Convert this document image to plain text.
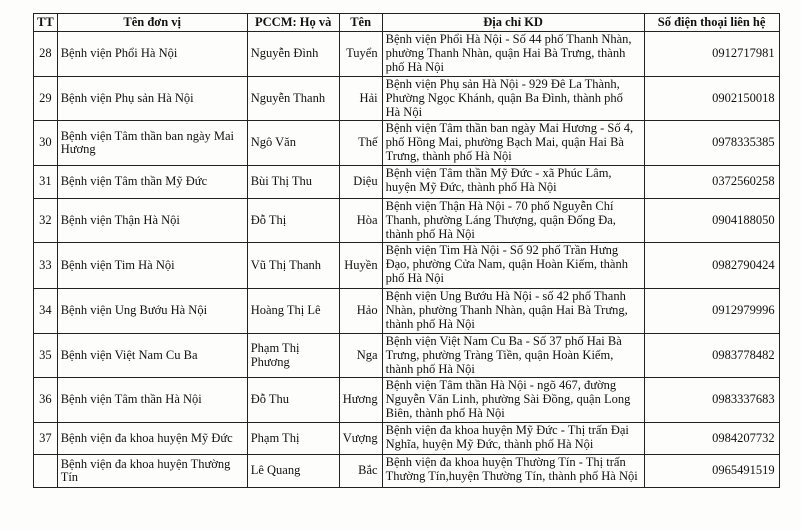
TT	Tên đơn vị	PCCM: Họ và	Tên	Địa chỉ KD	Số điện thoại liên hệ
28	Bệnh viện Phổi Hà Nội	Nguyễn Đình	Tuyển	Bệnh viện Phổi Hà Nội - Số 44 phố Thanh Nhàn, phường Thanh Nhàn, quận Hai Bà Trưng, thành phố Hà Nội	0912717981
29	Bệnh viện Phụ sản Hà Nội	Nguyễn Thanh	Hải	Bệnh viện Phụ sản Hà Nội - 929 Đê La Thành, Phường Ngọc Khánh, quận Ba Đình, thành phố Hà Nội	0902150018
30	Bệnh viện Tâm thần ban ngày Mai Hương	Ngô Văn	Thế	Bệnh viện Tâm thần ban ngày Mai Hương - Số 4, phố Hồng Mai, phường Bạch Mai, quận Hai Bà Trưng, thành phố Hà Nội	0978335385
31	Bệnh viện Tâm thần Mỹ Đức	Bùi Thị Thu	Diệu	Bệnh viện Tâm thần Mỹ Đức - xã Phúc Lâm, huyện Mỹ Đức, thành phố Hà Nội	0372560258
32	Bệnh viện Thận Hà Nội	Đỗ Thị	Hòa	Bệnh viện Thận Hà Nội - 70 phố Nguyễn Chí Thanh, phường Láng Thượng, quận Đống Đa, thành phố Hà Nội	0904188050
33	Bệnh viện Tim Hà Nội	Vũ Thị Thanh	Huyền	Bệnh viện Tim Hà Nội - Số 92 phố Trần Hưng Đạo, phường Cửa Nam, quận Hoàn Kiếm, thành phố Hà Nội	0982790424
34	Bệnh viện Ung Bướu Hà Nội	Hoàng Thị Lê	Hảo	Bệnh viện Ung Bướu Hà Nội - số 42 phố Thanh Nhàn, phường Thanh Nhàn, quận Hai Bà Trưng, thành phố Hà Nội	0912979996
35	Bệnh viện Việt Nam Cu Ba	Phạm Thị Phương	Nga	Bệnh viện Việt Nam Cu Ba - Số 37 phố Hai Bà Trưng, phường Tràng Tiền, quận Hoàn Kiếm, thành phố Hà Nội	0983778482
36	Bệnh viện Tâm thần Hà Nội	Đỗ Thu	Hương	Bệnh viện Tâm thần Hà Nội - ngõ 467, đường Nguyễn Văn Linh, phường Sài Đồng, quận Long Biên, thành phố Hà Nội	0983337683
37	Bệnh viện đa khoa huyện Mỹ Đức	Phạm Thị	Vượng	Bệnh viện đa khoa huyện Mỹ Đức - Thị trấn Đại Nghĩa, huyện Mỹ Đức, thành phố Hà Nội	0984207732
	Bệnh viện đa khoa huyện Thường Tín	Lê Quang	Bắc	Bệnh viện đa khoa huyện Thường Tín - Thị trấn Thường Tín,huyện Thường Tín, thành phố Hà Nội	0965491519
